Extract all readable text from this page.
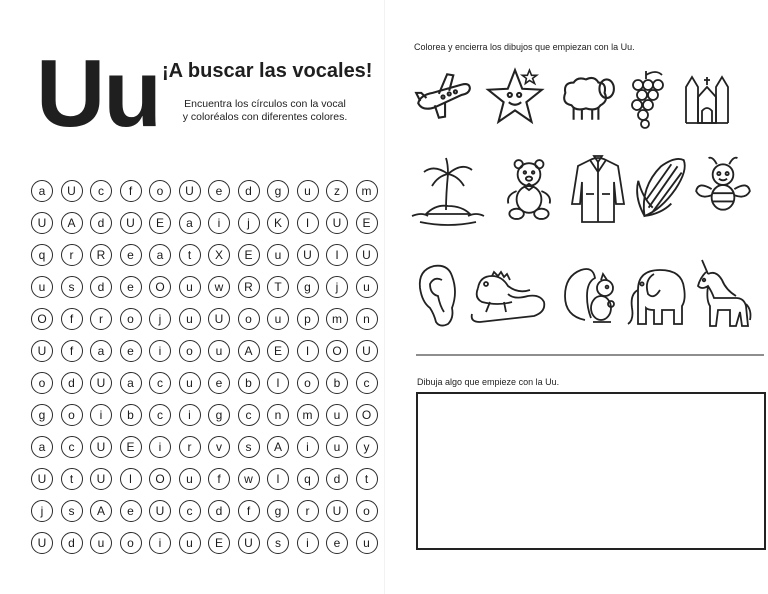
Uu ¡A buscar las vocales!
Encuentra los círculos con la vocal
y coloréalos con diferentes colores.
a	U	c	f	o	U	e	d	g	u	z	m
U	A	d	U	E	a	i	j	K	I	U	E
q	r	R	e	a	t	X	E	u	U	I	U
u	s	d	e	O	u	w	R	T	g	j	u
O	f	r	o	j	u	U	o	u	p	m	n
U	f	a	e	i	o	u	A	E	I	O	U
o	d	U	a	c	u	e	b	l	o	b	c
g	o	i	b	c	i	g	c	n	m	u	O
a	c	U	E	i	r	v	s	A	i	u	y
U	t	U	l	O	u	f	w	l	q	d	t
j	s	A	e	U	c	d	f	g	r	U	o
U	d	u	o	i	u	E	U	s	i	e	u
Colorea y encierra los dibujos que empiezan con la Uu.
Dibuja algo que empieze con la Uu.
